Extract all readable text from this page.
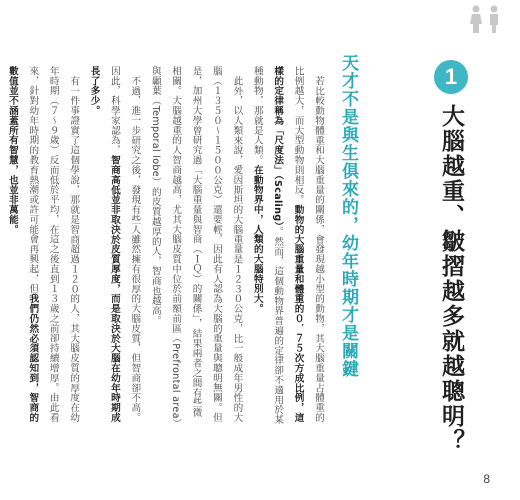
1
大腦越重、皺摺越多就越聰明？
天才不是與生俱來的，幼年時期才是關鍵

若比較動物體重和大腦重量的關係，會發現越小型的動物，其大腦重量占體重的比例越大，而大型動物則相反。動物的大腦重量和體重的０．７５次方成比例，這樣的定律稱為「尺度法」（Scaling）。然而，這個動物界普遍的定律卻不適用於某種動物，那就是人類。在動物界中，人類的大腦特別大。

此外，以人類來說，愛因斯坦的大腦重量是１２３０公克，比一般成年男性的大腦（１３５０～１５００公克）還要輕，因此有人認為大腦的重量與聰明無關。但是，加州大學曾研究過「大腦重量與智商（ＩＱ）的關係」，結果兩者之間有些微相關。大腦越重的人智商越高，尤其大腦皮質中位於前額前區（Prefrontal area）與顳葉（Temporal lobe）的皮質越厚的人，智商也越高。

不過，進一步研究之後，發現有些人雖然擁有很厚的大腦皮質，但智商卻不高。因此，科學家認為，智商高低並非取決於皮質厚度，而是取決於大腦在幼年時期成長了多少。

有一件事證實了這個學說，那就是智商超過１２０的人，其大腦皮質的厚度在幼年時期（７～９歲）反而低於平均，在這之後直到１３歲之前卻持續增厚。由此看來，針對幼年時期的教育熱潮或許可能會再興起，但我們仍然必須認知到，智商的數值並不涵蓋所有智慧，也並非萬能。

8
